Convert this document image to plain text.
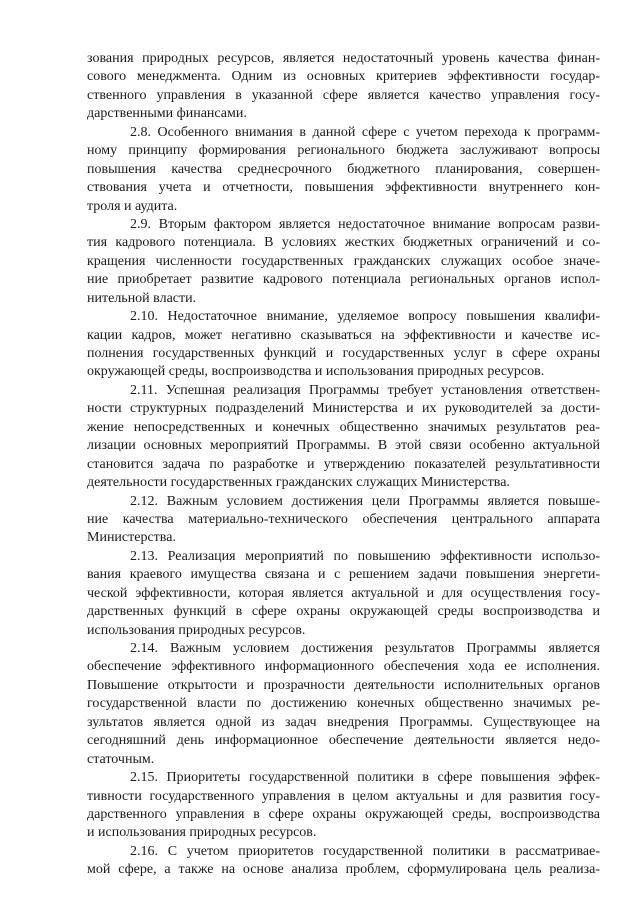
зования природных ресурсов, является недостаточный уровень качества финан-
сового менеджмента. Одним из основных критериев эффективности государ-
ственного управления в указанной сфере является качество управления госу-
дарственными финансами.
2.8. Особенного внимания в данной сфере с учетом перехода к программ-
ному принципу формирования регионального бюджета заслуживают вопросы
повышения качества среднесрочного бюджетного планирования, совершен-
ствования учета и отчетности, повышения эффективности внутреннего кон-
троля и аудита.
2.9. Вторым фактором является недостаточное внимание вопросам разви-
тия кадрового потенциала. В условиях жестких бюджетных ограничений и со-
кращения численности государственных гражданских служащих особое значе-
ние приобретает развитие кадрового потенциала региональных органов испол-
нительной власти.
2.10. Недостаточное внимание, уделяемое вопросу повышения квалифи-
кации кадров, может негативно сказываться на эффективности и качестве ис-
полнения государственных функций и государственных услуг в сфере охраны
окружающей среды, воспроизводства и использования природных ресурсов.
2.11. Успешная реализация Программы требует установления ответствен-
ности структурных подразделений Министерства и их руководителей за дости-
жение непосредственных и конечных общественно значимых результатов реа-
лизации основных мероприятий Программы. В этой связи особенно актуальной
становится задача по разработке и утверждению показателей результативности
деятельности государственных гражданских служащих Министерства.
2.12. Важным условием достижения цели Программы является повыше-
ние качества материально-технического обеспечения центрального аппарата
Министерства.
2.13. Реализация мероприятий по повышению эффективности использо-
вания краевого имущества связана и с решением задачи повышения энергети-
ческой эффективности, которая является актуальной и для осуществления госу-
дарственных функций в сфере охраны окружающей среды воспроизводства и
использования природных ресурсов.
2.14. Важным условием достижения результатов Программы является
обеспечение эффективного информационного обеспечения хода ее исполнения.
Повышение открытости и прозрачности деятельности исполнительных органов
государственной власти по достижению конечных общественно значимых ре-
зультатов является одной из задач внедрения Программы. Существующее на
сегодняшний день информационное обеспечение деятельности является недо-
статочным.
2.15. Приоритеты государственной политики в сфере повышения эффек-
тивности государственного управления в целом актуальны и для развития госу-
дарственного управления в сфере охраны окружающей среды, воспроизводства
и использования природных ресурсов.
2.16. С учетом приоритетов государственной политики в рассматривае-
мой сфере, а также на основе анализа проблем, сформулирована цель реализа-
